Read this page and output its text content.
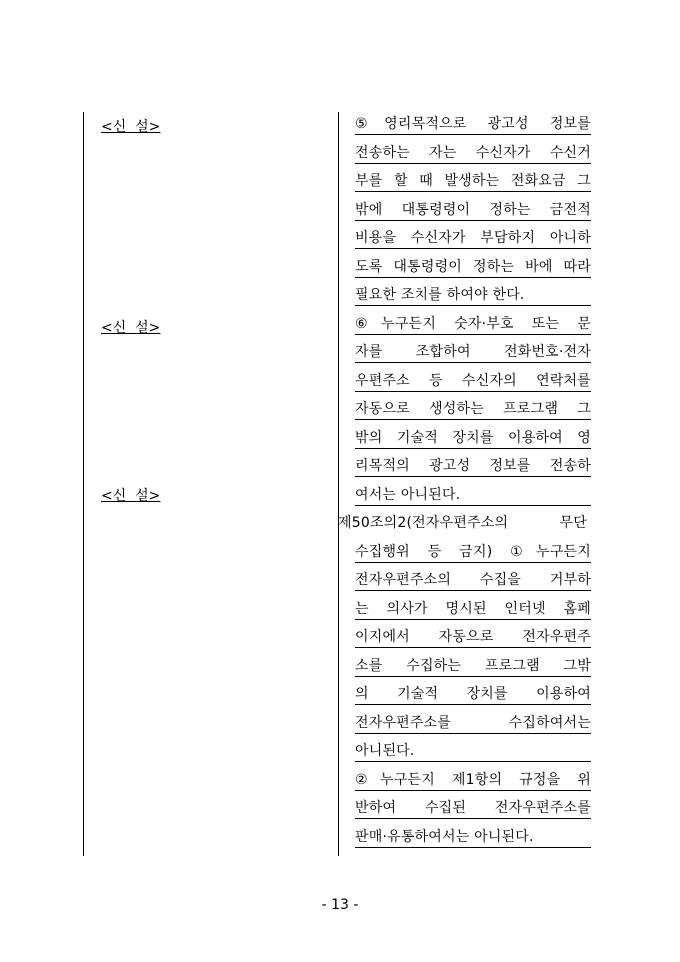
<신  설>
<신  설>
<신  설>
⑤영리목적으로 광고성 정보를
전송하는 자는 수신자가 수신거
부를 할 때 발생하는 전화요금 그
밖에 대통령령이 정하는 금전적
비용을 수신자가 부담하지 아니하
도록 대통령령이 정하는 바에 따라
필요한 조치를 하여야 한다.
⑥누구든지 숫자·부호 또는 문
자를 조합하여 전화번호·전자
우편주소 등 수신자의 연락처를
자동으로 생성하는 프로그램 그
밖의 기술적 장치를 이용하여 영
리목적의 광고성 정보를 전송하
여서는 아니된다.
제50조의2(전자우편주소의 무단
수집행위 등 금지) ①누구든지
전자우편주소의 수집을 거부하
는 의사가 명시된 인터넷 홈페
이지에서 자동으로 전자우편주
소를 수집하는 프로그램 그밖
의 기술적 장치를 이용하여
전자우편주소를 수집하여서는
아니된다.
②누구든지 제1항의 규정을 위
반하여 수집된 전자우편주소를
판매·유통하여서는 아니된다.
- 13 -
